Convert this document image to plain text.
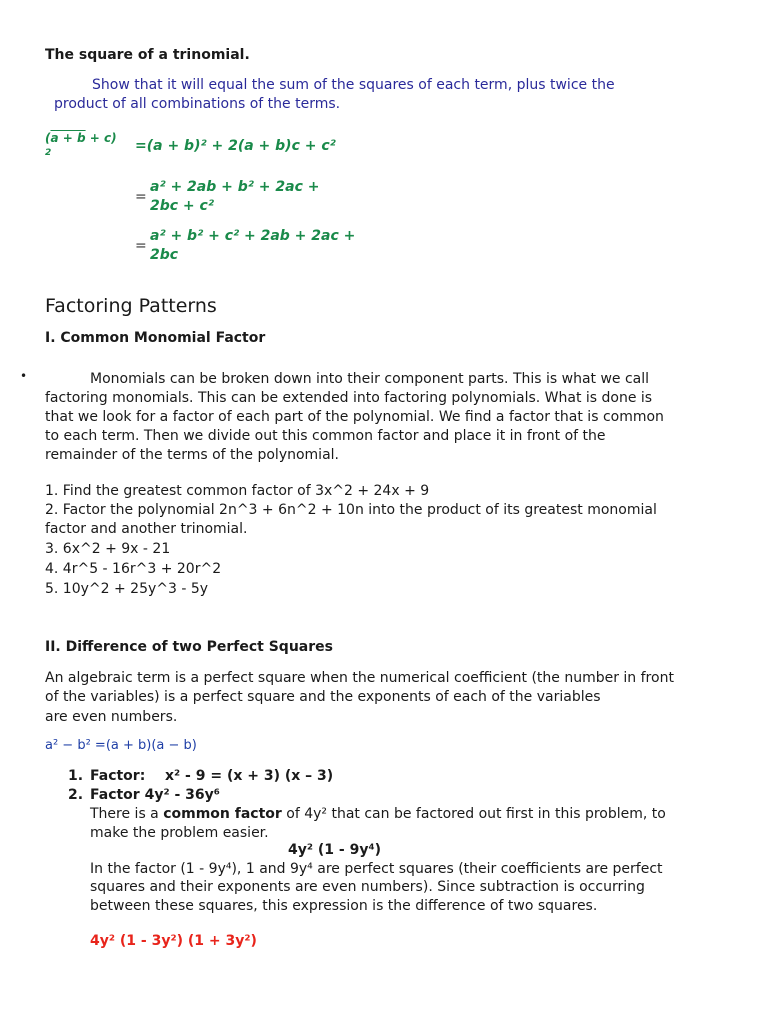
The square of a trinomial.
Show that it will equal the sum of the squares of each term, plus twice the
product of all combinations of the terms.
(a + b + c)
2	=(a + b)² + 2(a + b)c + c²
=
a² + 2ab + b² + 2ac +
2bc + c²
=
a² + b² + c² + 2ab + 2ac +
2bc
Factoring Patterns
I. Common Monomial Factor
•	Monomials can be broken down into their component parts. This is what we call
factoring monomials. This can be extended into factoring polynomials. What is done is
that we look for a factor of each part of the polynomial. We find a factor that is common
to each term. Then we divide out this common factor and place it in front of the
remainder of the terms of the polynomial.
1. Find the greatest common factor of 3x^2 + 24x + 9
2. Factor the polynomial 2n^3 + 6n^2 + 10n into the product of its greatest monomial
factor and another trinomial.
3. 6x^2 + 9x - 21
4. 4r^5 - 16r^3 + 20r^2
5. 10y^2 + 25y^3 - 5y
II. Difference of two Perfect Squares
An algebraic term is a perfect square when the numerical coefficient (the number in front
of the variables) is a perfect square and the exponents of each of the variables
are even numbers.
a² − b² =(a + b)(a − b)
1. Factor: x² - 9 = (x + 3) (x – 3)
2. Factor 4y² - 36y⁶
There is a common factor of 4y² that can be factored out first in this problem, to
make the problem easier.
4y² (1 - 9y⁴)
In the factor (1 - 9y⁴), 1 and 9y⁴ are perfect squares (their coefficients are perfect
squares and their exponents are even numbers). Since subtraction is occurring
between these squares, this expression is the difference of two squares.
4y² (1 - 3y²) (1 + 3y²)
